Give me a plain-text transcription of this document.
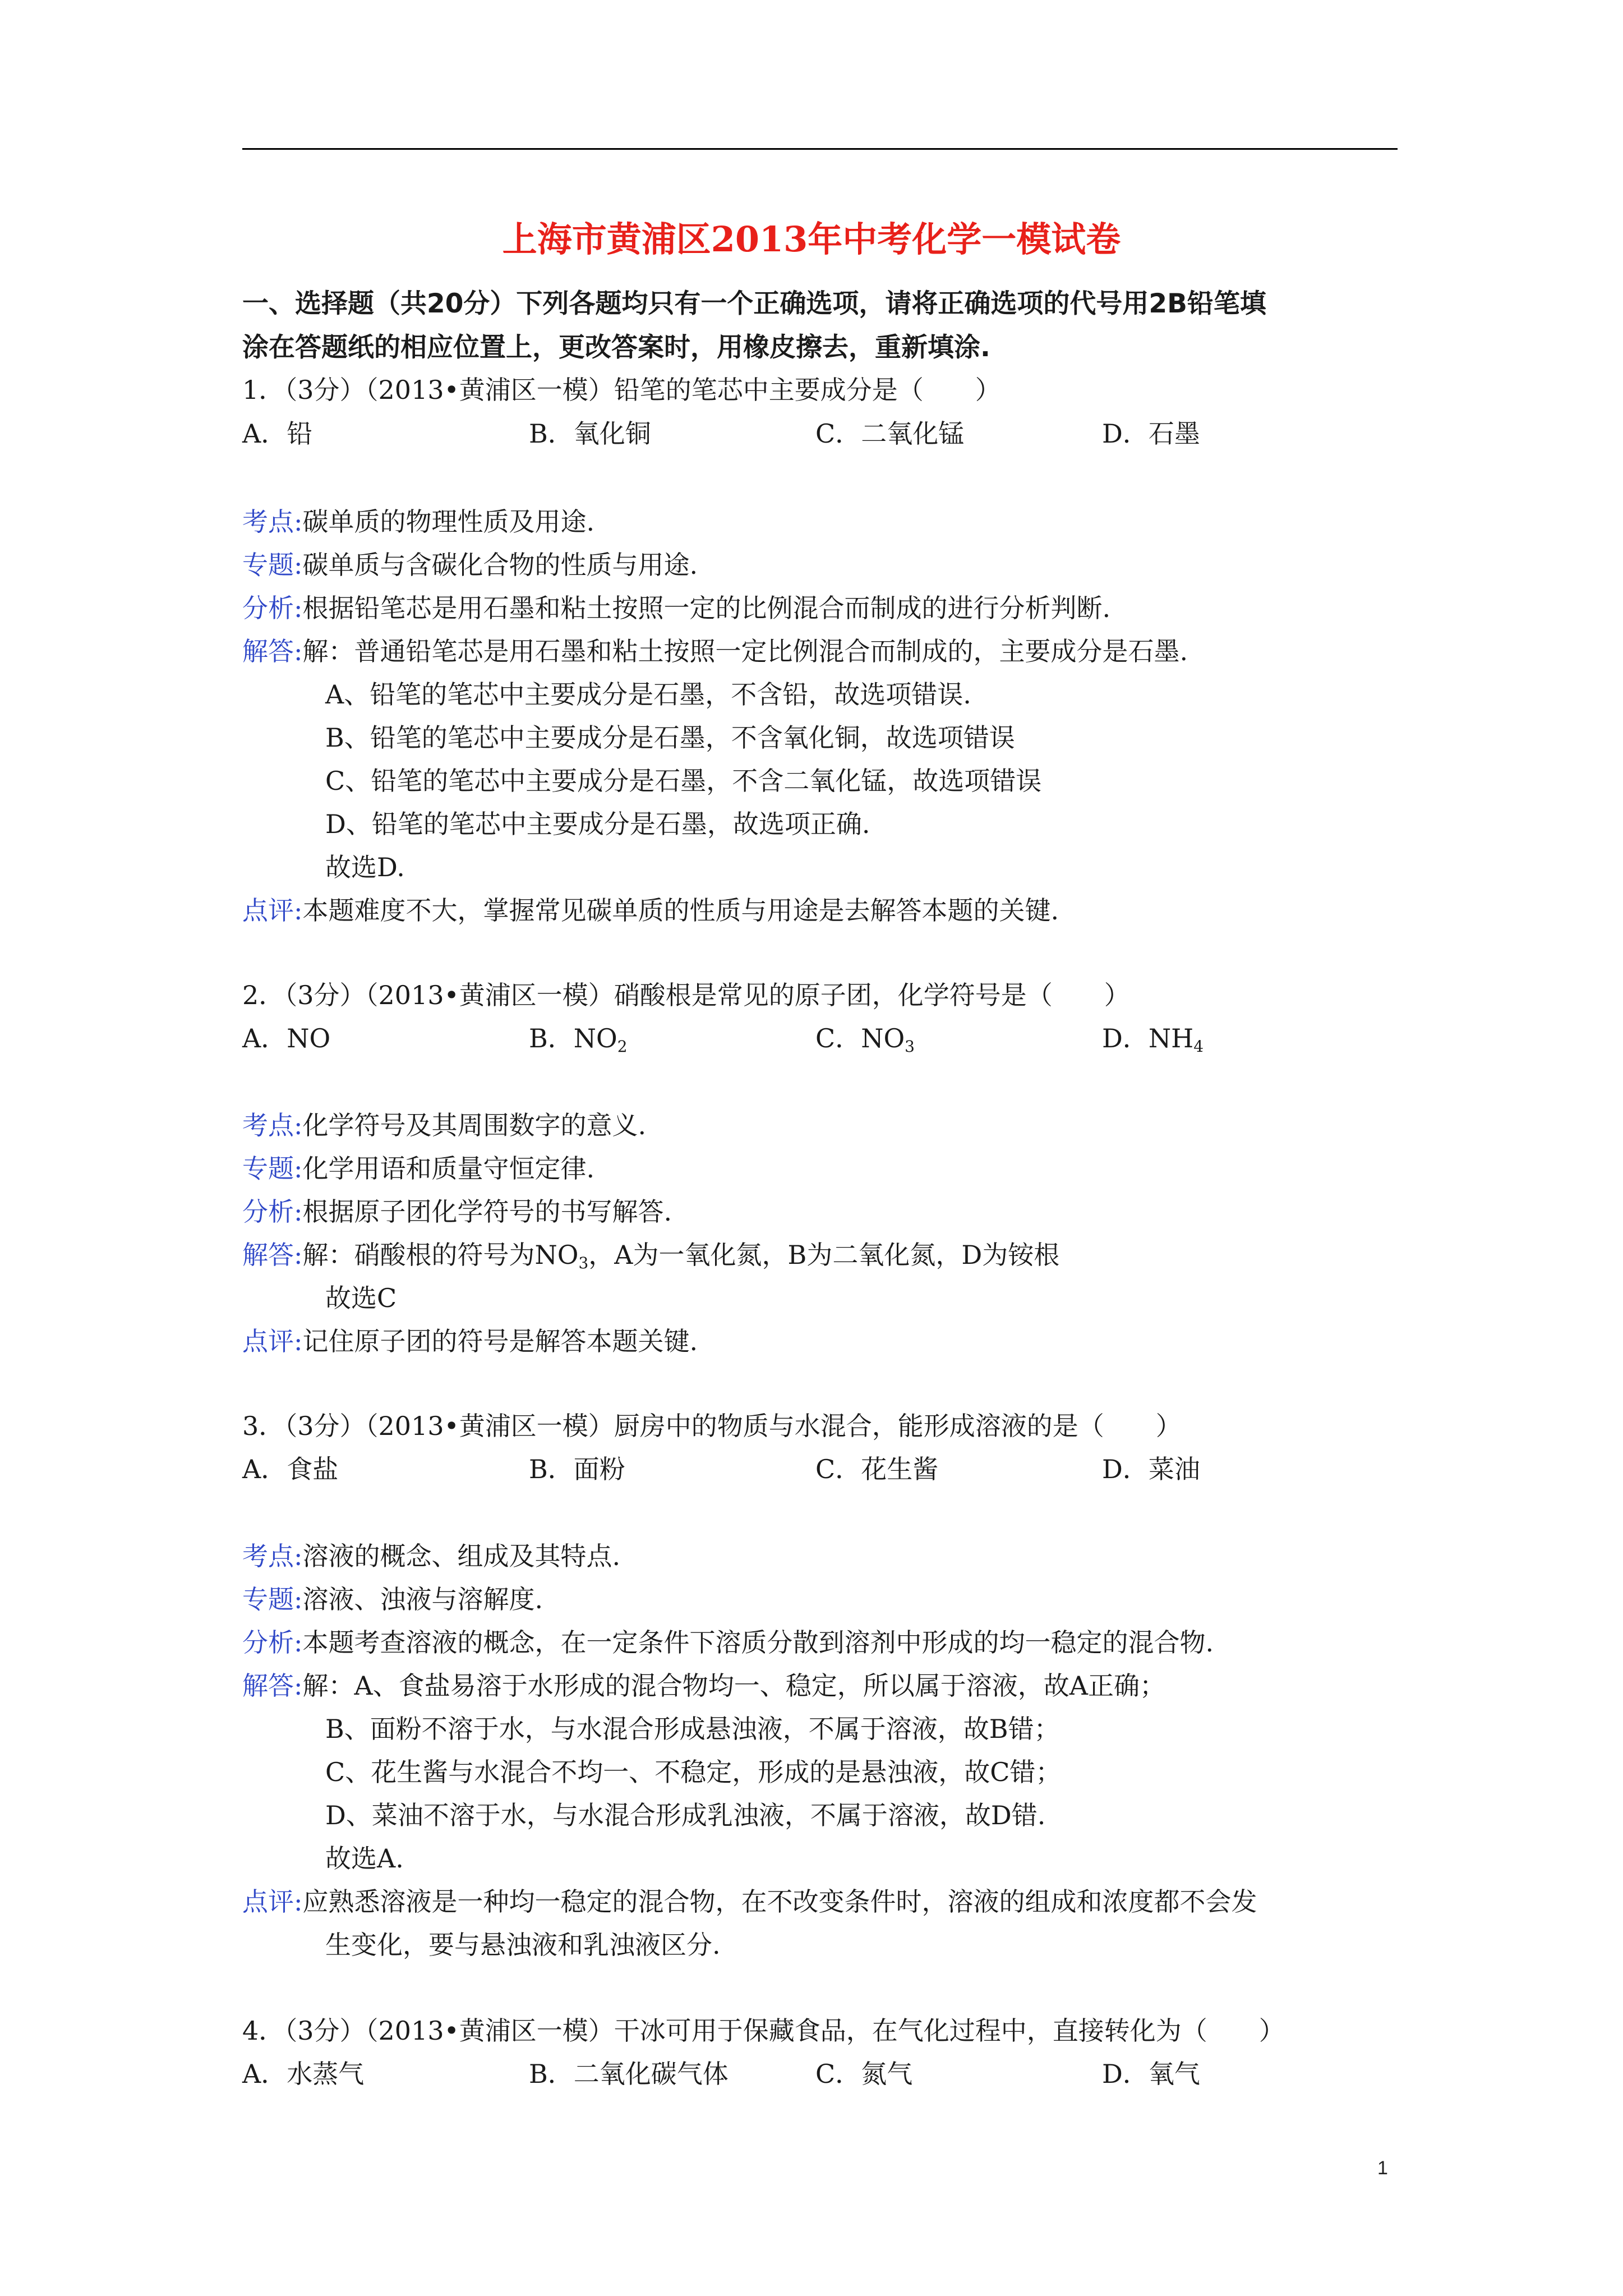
上海市黄浦区2013年中考化学一模试卷
一、选择题（共20分）下列各题均只有一个正确选项，请将正确选项的代号用2B铅笔填
涂在答题纸的相应位置上，更改答案时，用橡皮擦去，重新填涂.
1．（3分）（2013•黄浦区一模）铅笔的笔芯中主要成分是（　　）
A．铅	B．氧化铜	C．二氧化锰	D．石墨
考点:碳单质的物理性质及用途.
专题:碳单质与含碳化合物的性质与用途.
分析:根据铅笔芯是用石墨和粘土按照一定的比例混合而制成的进行分析判断.
解答:解：普通铅笔芯是用石墨和粘土按照一定比例混合而制成的，主要成分是石墨.
A、铅笔的笔芯中主要成分是石墨，不含铅，故选项错误.
B、铅笔的笔芯中主要成分是石墨，不含氧化铜，故选项错误
C、铅笔的笔芯中主要成分是石墨，不含二氧化锰，故选项错误
D、铅笔的笔芯中主要成分是石墨，故选项正确.
故选D.
点评:本题难度不大，掌握常见碳单质的性质与用途是去解答本题的关键.
2．（3分）（2013•黄浦区一模）硝酸根是常见的原子团，化学符号是（　　）
A．NO	B．$NO_2$	C．$NO_3$	D．$NH_4$
考点:化学符号及其周围数字的意义.
专题:化学用语和质量守恒定律.
分析:根据原子团化学符号的书写解答.
解答:解：硝酸根的符号为$NO_3$，A为一氧化氮，B为二氧化氮，D为铵根
故选C
点评:记住原子团的符号是解答本题关键.
3．（3分）（2013•黄浦区一模）厨房中的物质与水混合，能形成溶液的是（　　）
A．食盐	B．面粉	C．花生酱	D．菜油
考点:溶液的概念、组成及其特点.
专题:溶液、浊液与溶解度.
分析:本题考查溶液的概念，在一定条件下溶质分散到溶剂中形成的均一稳定的混合物.
解答:解：A、食盐易溶于水形成的混合物均一、稳定，所以属于溶液，故A正确；
B、面粉不溶于水，与水混合形成悬浊液，不属于溶液，故B错；
C、花生酱与水混合不均一、不稳定，形成的是悬浊液，故C错；
D、菜油不溶于水，与水混合形成乳浊液，不属于溶液，故D错.
故选A.
点评:应熟悉溶液是一种均一稳定的混合物，在不改变条件时，溶液的组成和浓度都不会发
生变化，要与悬浊液和乳浊液区分.
4．（3分）（2013•黄浦区一模）干冰可用于保藏食品，在气化过程中，直接转化为（　　）
A．水蒸气	B．二氧化碳气体	C．氮气	D．氧气
1
